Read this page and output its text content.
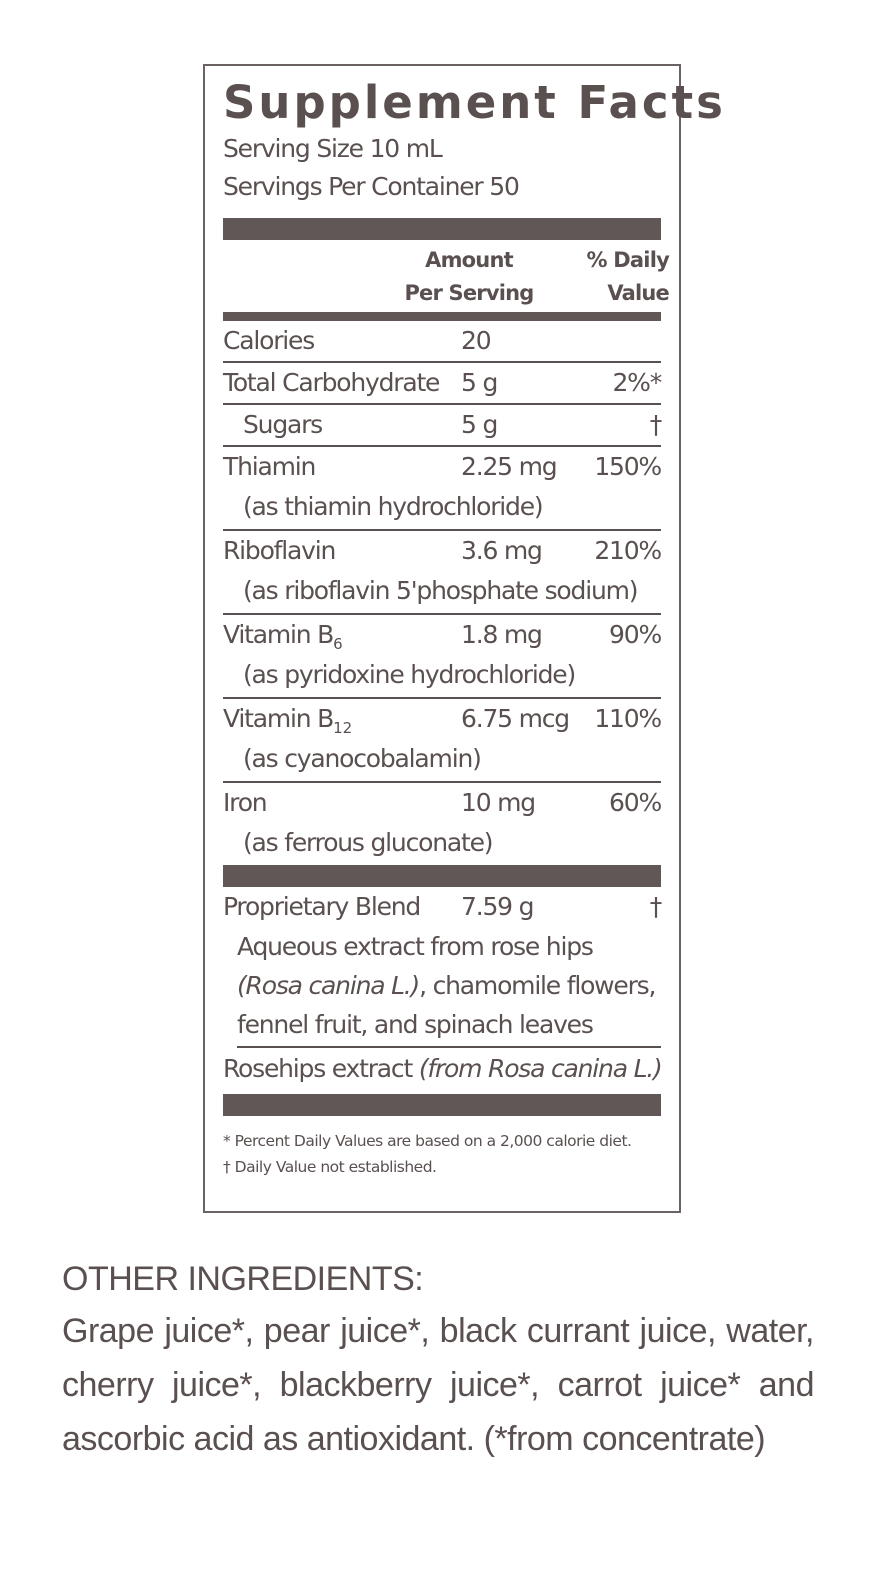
Supplement Facts
Serving Size 10 mL
Servings Per Container 50
Amount
Per Serving
% Daily
Value
Calories	20
Total Carbohydrate 5 g	2%*
Sugars	5 g	†
Thiamin	2.25 mg 150%
(as thiamin hydrochloride)
Riboflavin	3.6 mg 210%
(as riboflavin 5'phosphate sodium)
Vitamin $B_6$	1.8 mg	90%
(as pyridoxine hydrochloride)
Vitamin $B_{12}$	6.75 mcg 110%
(as cyanocobalamin)
Iron	10 mg	60%
(as ferrous gluconate)
Proprietary Blend 7.59 g	†
Aqueous extract from rose hips (Rosa canina L.), chamomile flowers, fennel fruit, and spinach leaves
Rosehips extract (from Rosa canina L.)
* Percent Daily Values are based on a 2,000 calorie diet.
† Daily Value not established.
OTHER INGREDIENTS:
Grape juice*, pear juice*, black currant juice, water, cherry juice*, blackberry juice*, carrot juice* and ascorbic acid as antioxidant. (*from concentrate)
